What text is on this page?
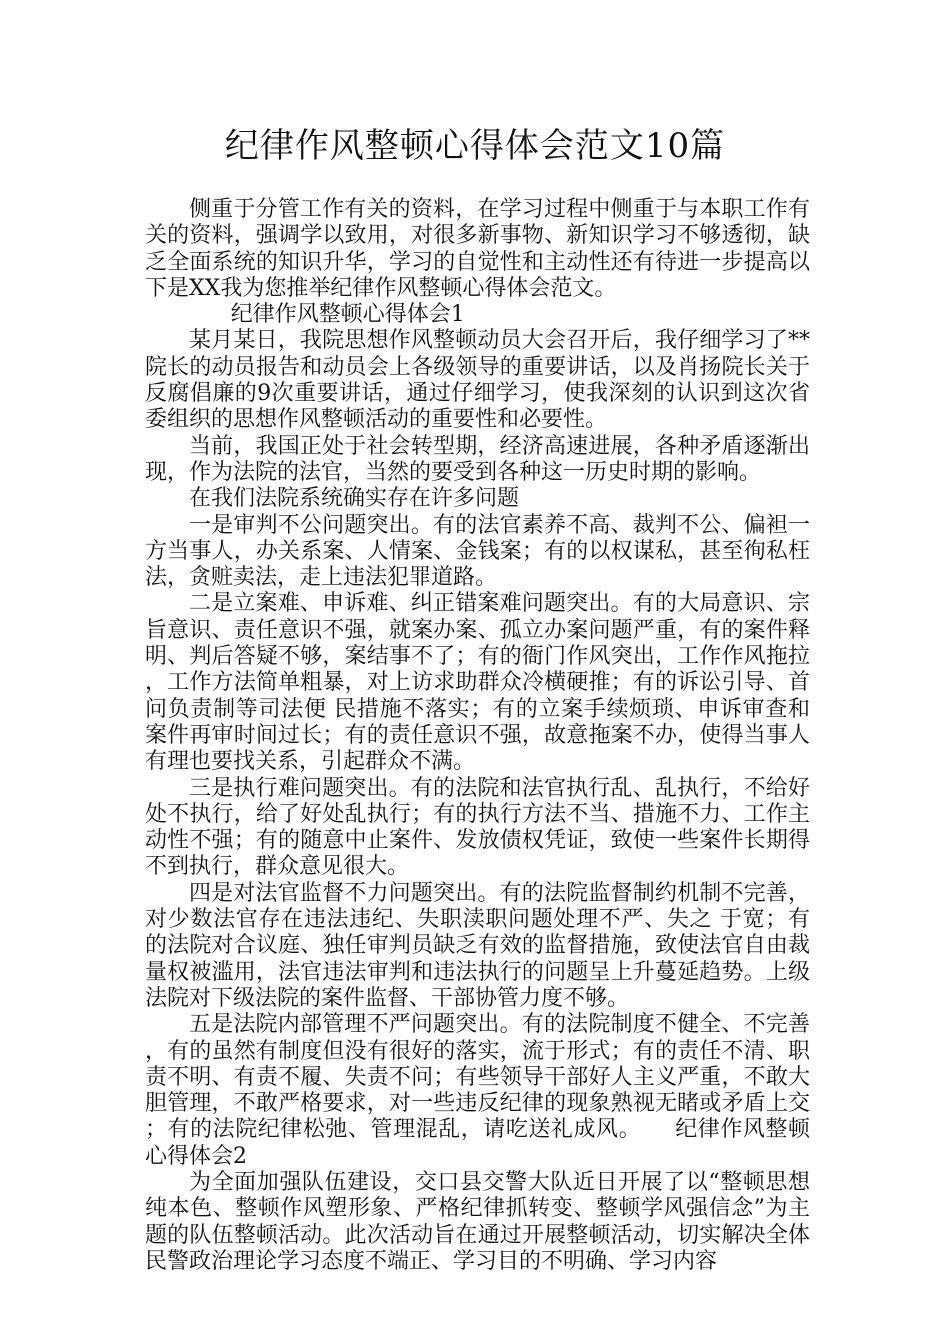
纪律作风整顿心得体会范文10篇

侧重于分管工作有关的资料，在学习过程中侧重于与本职工作有关的资料，强调学以致用，对很多新事物、新知识学习不够透彻，缺乏全面系统的知识升华，学习的自觉性和主动性还有待进一步提高以下是XX我为您推举纪律作风整顿心得体会范文。

纪律作风整顿心得体会1

某月某日，我院思想作风整顿动员大会召开后，我仔细学习了**院长的动员报告和动员会上各级领导的重要讲话，以及肖扬院长关于反腐倡廉的9次重要讲话，通过仔细学习，使我深刻的认识到这次省委组织的思想作风整顿活动的重要性和必要性。

当前，我国正处于社会转型期，经济高速进展，各种矛盾逐渐出现，作为法院的法官，当然的要受到各种这一历史时期的影响。

在我们法院系统确实存在许多问题

一是审判不公问题突出。有的法官素养不高、裁判不公、偏袒一方当事人，办关系案、人情案、金钱案；有的以权谋私，甚至徇私枉法，贪赃卖法，走上违法犯罪道路。

二是立案难、申诉难、纠正错案难问题突出。有的大局意识、宗旨意识、责任意识不强，就案办案、孤立办案问题严重，有的案件释明、判后答疑不够，案结事不了；有的衙门作风突出，工作作风拖拉，工作方法简单粗暴，对上访求助群众冷横硬推；有的诉讼引导、首问负责制等司法便 民措施不落实；有的立案手续烦琐、申诉审查和案件再审时间过长；有的责任意识不强，故意拖案不办，使得当事人有理也要找关系，引起群众不满。

三是执行难问题突出。有的法院和法官执行乱、乱执行，不给好处不执行，给了好处乱执行；有的执行方法不当、措施不力、工作主动性不强；有的随意中止案件、发放债权凭证，致使一些案件长期得不到执行，群众意见很大。

四是对法官监督不力问题突出。有的法院监督制约机制不完善，对少数法官存在违法违纪、失职渎职问题处理不严、失之 于宽；有的法院对合议庭、独任审判员缺乏有效的监督措施，致使法官自由裁量权被滥用，法官违法审判和违法执行的问题呈上升蔓延趋势。上级法院对下级法院的案件监督、干部协管力度不够。

五是法院内部管理不严问题突出。有的法院制度不健全、不完善，有的虽然有制度但没有很好的落实，流于形式；有的责任不清、职责不明、有责不履、失责不问；有些领导干部好人主义严重，不敢大胆管理，不敢严格要求，对一些违反纪律的现象熟视无睹或矛盾上交；有的法院纪律松弛、管理混乱，请吃送礼成风。　　纪律作风整顿心得体会2

为全面加强队伍建设，交口县交警大队近日开展了以“整顿思想纯本色、整顿作风塑形象、严格纪律抓转变、整顿学风强信念”为主题的队伍整顿活动。此次活动旨在通过开展整顿活动，切实解决全体民警政治理论学习态度不端正、学习目的不明确、学习内容
